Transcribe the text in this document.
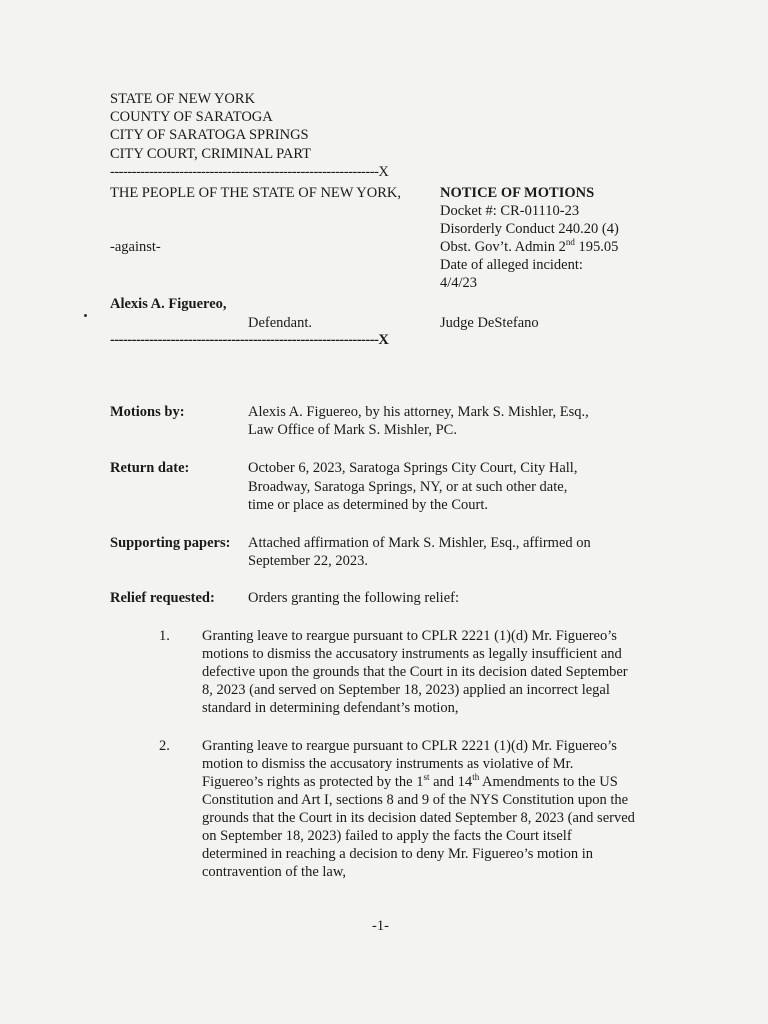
STATE OF NEW YORK
COUNTY OF SARATOGA
CITY OF SARATOGA SPRINGS
CITY COURT, CRIMINAL PART
--------------------------------------------------------------X
THE PEOPLE OF THE STATE OF NEW YORK,
-against-
Alexis A. Figuereo,
Defendant.
--------------------------------------------------------------X
NOTICE OF MOTIONS
Docket #: CR-01110-23
Disorderly Conduct 240.20 (4)
Obst. Gov’t. Admin 2nd 195.05
Date of alleged incident:
4/4/23
Judge DeStefano
Motions by:	Alexis A. Figuereo, by his attorney, Mark S. Mishler, Esq.,
Law Office of Mark S. Mishler, PC.
Return date:	October 6, 2023, Saratoga Springs City Court, City Hall,
Broadway, Saratoga Springs, NY, or at such other date,
time or place as determined by the Court.
Supporting papers: Attached affirmation of Mark S. Mishler, Esq., affirmed on
September 22, 2023.
Relief requested: Orders granting the following relief:
1. Granting leave to reargue pursuant to CPLR 2221 (1)(d) Mr. Figuereo’s
motions to dismiss the accusatory instruments as legally insufficient and
defective upon the grounds that the Court in its decision dated September
8, 2023 (and served on September 18, 2023) applied an incorrect legal
standard in determining defendant’s motion,
2. Granting leave to reargue pursuant to CPLR 2221 (1)(d) Mr. Figuereo’s
motion to dismiss the accusatory instruments as violative of Mr.
Figuereo’s rights as protected by the 1st and 14th Amendments to the US
Constitution and Art I, sections 8 and 9 of the NYS Constitution upon the
grounds that the Court in its decision dated September 8, 2023 (and served
on September 18, 2023) failed to apply the facts the Court itself
determined in reaching a decision to deny Mr. Figuereo’s motion in
contravention of the law,
-1-
